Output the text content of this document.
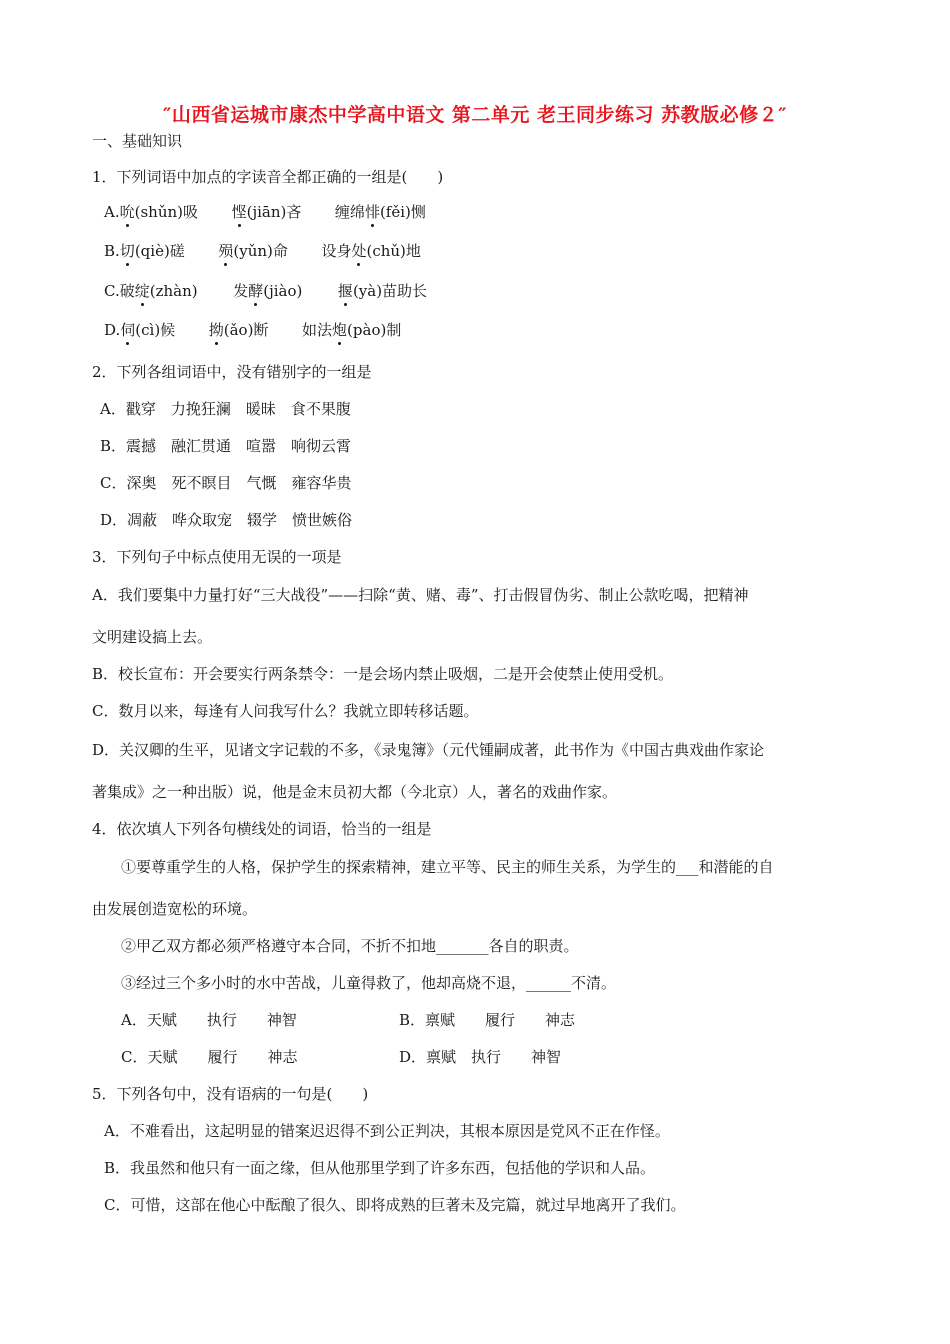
″山西省运城市康杰中学高中语文 第二单元 老王同步练习 苏教版必修２″
一、基础知识
1．下列词语中加点的字读音全都正确的一组是(　　)
A.吮(shǔn)吸 悭(jiān)吝 缠绵悱(fěi)恻
B.切(qiè)磋 殒(yǔn)命 设身处(chǔ)地
C.破绽(zhàn) 发酵(jiào) 揠(yà)苗助长
D.伺(cì)候 拗(ǎo)断 如法炮(pào)制
2．下列各组词语中，没有错别字的一组是
A．戳穿　力挽狂澜　暖昧　食不果腹
B．震撼　融汇贯通　喧嚣　响彻云霄
C．深奥　死不瞑目　气慨　雍容华贵
D．凋蔽　哗众取宠　辍学　愤世嫉俗
3．下列句子中标点使用无误的一项是
A．我们要集中力量打好“三大战役”——扫除“黄、赌、毒”、打击假冒伪劣、制止公款吃喝，把精神
文明建设搞上去。
B．校长宣布：开会要实行两条禁令：一是会场内禁止吸烟，二是开会使禁止使用受机。
C．数月以来，每逢有人问我写什么？我就立即转移话题。
D．关汉卿的生平，见诸文字记载的不多，《录鬼簿》（元代锺嗣成著，此书作为《中国古典戏曲作家论
著集成》之一种出版）说，他是金末员初大都（今北京）人，著名的戏曲作家。
4．依次填人下列各句横线处的词语，恰当的一组是
①要尊重学生的人格，保护学生的探索精神，建立平等、民主的师生关系，为学生的___和潜能的自
由发展创造宽松的环境。
②甲乙双方都必须严格遵守本合同，不折不扣地_______各自的职责。
③经过三个多小时的水中苦战，儿童得救了，他却高烧不退，______不清。
A．天赋　　执行　　神智	B．禀赋　　履行　　神志
C．天赋　　履行　　神志	D．禀赋　执行　　神智
5．下列各句中，没有语病的一句是(　　)
A．不难看出，这起明显的错案迟迟得不到公正判决，其根本原因是党风不正在作怪。
B．我虽然和他只有一面之缘，但从他那里学到了许多东西，包括他的学识和人品。
C．可惜，这部在他心中酝酿了很久、即将成熟的巨著未及完篇，就过早地离开了我们。
